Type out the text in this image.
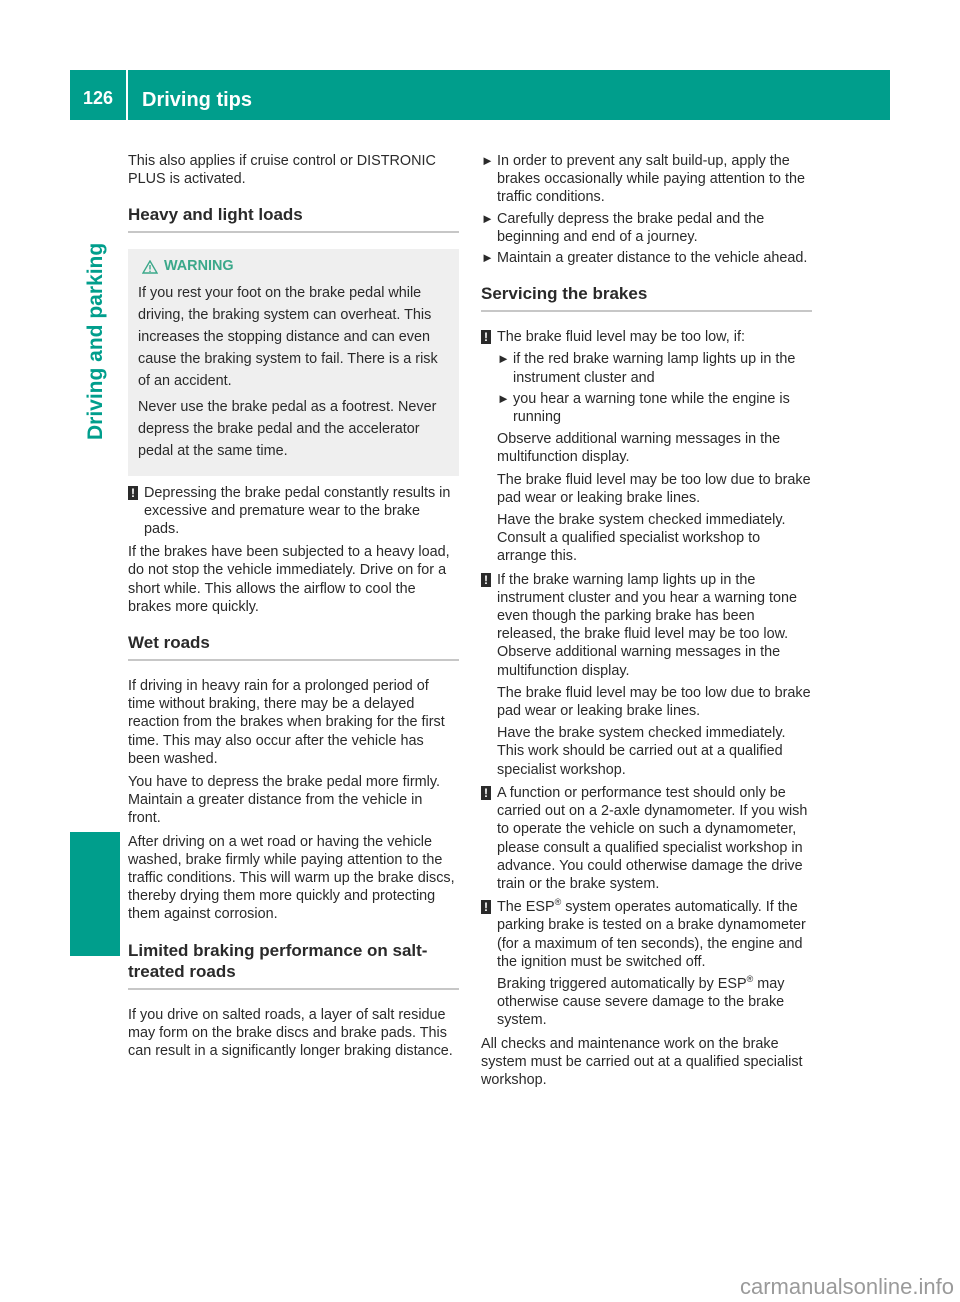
126	Driving tips
Driving and parking

This also applies if cruise control or DISTRONIC PLUS is activated.

Heavy and light loads
WARNING

If you rest your foot on the brake pedal while driving, the braking system can overheat. This increases the stopping distance and can even cause the braking system to fail. There is a risk of an accident.

Never use the brake pedal as a footrest. Never depress the brake pedal and the accelerator pedal at the same time.

! Depressing the brake pedal constantly results in excessive and premature wear to the brake pads.

If the brakes have been subjected to a heavy load, do not stop the vehicle immediately. Drive on for a short while. This allows the airflow to cool the brakes more quickly.

Wet roads

If driving in heavy rain for a prolonged period of time without braking, there may be a delayed reaction from the brakes when braking for the first time. This may also occur after the vehicle has been washed.

You have to depress the brake pedal more firmly. Maintain a greater distance from the vehicle in front.

After driving on a wet road or having the vehicle washed, brake firmly while paying attention to the traffic conditions. This will warm up the brake discs, thereby drying them more quickly and protecting them against corrosion.

Limited braking performance on salt-treated roads

If you drive on salted roads, a layer of salt residue may form on the brake discs and brake pads. This can result in a significantly longer braking distance.

► In order to prevent any salt build-up, apply the brakes occasionally while paying attention to the traffic conditions.
► Carefully depress the brake pedal and the beginning and end of a journey.
► Maintain a greater distance to the vehicle ahead.
Servicing the brakes
! The brake fluid level may be too low, if:

► if the red brake warning lamp lights up in the instrument cluster and
► you hear a warning tone while the engine is running

Observe additional warning messages in the multifunction display.

The brake fluid level may be too low due to brake pad wear or leaking brake lines.

Have the brake system checked immediately. Consult a qualified specialist workshop to arrange this.

! If the brake warning lamp lights up in the instrument cluster and you hear a warning tone even though the parking brake has been released, the brake fluid level may be too low. Observe additional warning messages in the multifunction display.

The brake fluid level may be too low due to brake pad wear or leaking brake lines.

Have the brake system checked immediately. This work should be carried out at a qualified specialist workshop.

! A function or performance test should only be carried out on a 2-axle dynamometer. If you wish to operate the vehicle on such a dynamometer, please consult a qualified specialist workshop in advance. You could otherwise damage the drive train or the brake system.

! The ESP® system operates automatically. If the parking brake is tested on a brake dynamometer (for a maximum of ten seconds), the engine and the ignition must be switched off.

Braking triggered automatically by ESP® may otherwise cause severe damage to the brake system.

All checks and maintenance work on the brake system must be carried out at a qualified specialist workshop.

carmanualsonline.info
